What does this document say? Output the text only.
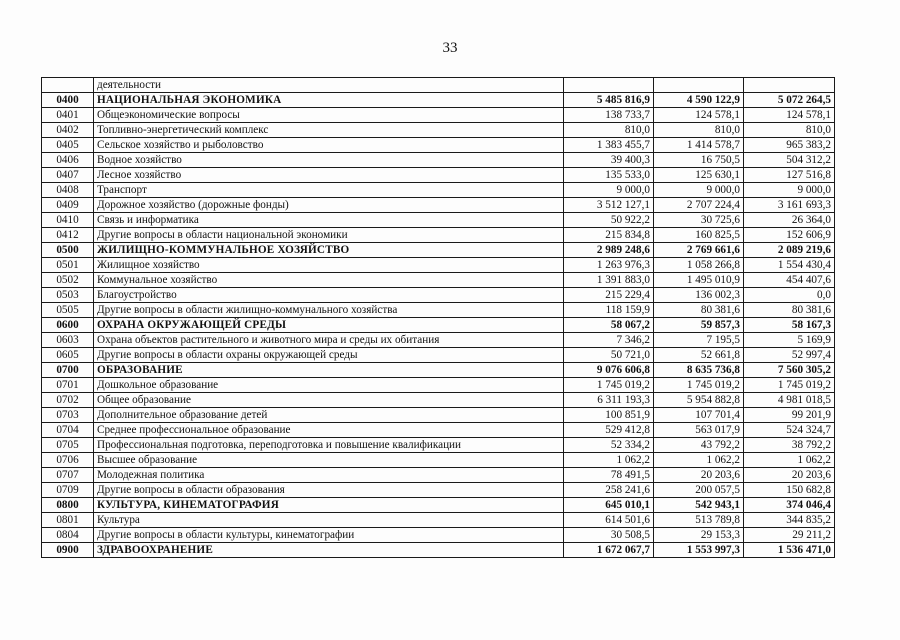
33
	деятельности			
0400	НАЦИОНАЛЬНАЯ ЭКОНОМИКА	5 485 816,9	4 590 122,9	5 072 264,5
0401	Общеэкономические вопросы	138 733,7	124 578,1	124 578,1
0402	Топливно-энергетический комплекс	810,0	810,0	810,0
0405	Сельское хозяйство и рыболовство	1 383 455,7	1 414 578,7	965 383,2
0406	Водное хозяйство	39 400,3	16 750,5	504 312,2
0407	Лесное хозяйство	135 533,0	125 630,1	127 516,8
0408	Транспорт	9 000,0	9 000,0	9 000,0
0409	Дорожное хозяйство (дорожные фонды)	3 512 127,1	2 707 224,4	3 161 693,3
0410	Связь и информатика	50 922,2	30 725,6	26 364,0
0412	Другие вопросы в области национальной экономики	215 834,8	160 825,5	152 606,9
0500	ЖИЛИЩНО-КОММУНАЛЬНОЕ ХОЗЯЙСТВО	2 989 248,6	2 769 661,6	2 089 219,6
0501	Жилищное хозяйство	1 263 976,3	1 058 266,8	1 554 430,4
0502	Коммунальное хозяйство	1 391 883,0	1 495 010,9	454 407,6
0503	Благоустройство	215 229,4	136 002,3	0,0
0505	Другие вопросы в области жилищно-коммунального хозяйства	118 159,9	80 381,6	80 381,6
0600	ОХРАНА ОКРУЖАЮЩЕЙ СРЕДЫ	58 067,2	59 857,3	58 167,3
0603	Охрана объектов растительного и животного мира и среды их обитания	7 346,2	7 195,5	5 169,9
0605	Другие вопросы в области охраны окружающей среды	50 721,0	52 661,8	52 997,4
0700	ОБРАЗОВАНИЕ	9 076 606,8	8 635 736,8	7 560 305,2
0701	Дошкольное образование	1 745 019,2	1 745 019,2	1 745 019,2
0702	Общее образование	6 311 193,3	5 954 882,8	4 981 018,5
0703	Дополнительное образование детей	100 851,9	107 701,4	99 201,9
0704	Среднее профессиональное образование	529 412,8	563 017,9	524 324,7
0705	Профессиональная подготовка, переподготовка и повышение квалификации	52 334,2	43 792,2	38 792,2
0706	Высшее образование	1 062,2	1 062,2	1 062,2
0707	Молодежная политика	78 491,5	20 203,6	20 203,6
0709	Другие вопросы в области образования	258 241,6	200 057,5	150 682,8
0800	КУЛЬТУРА, КИНЕМАТОГРАФИЯ	645 010,1	542 943,1	374 046,4
0801	Культура	614 501,6	513 789,8	344 835,2
0804	Другие вопросы в области культуры, кинематографии	30 508,5	29 153,3	29 211,2
0900	ЗДРАВООХРАНЕНИЕ	1 672 067,7	1 553 997,3	1 536 471,0
